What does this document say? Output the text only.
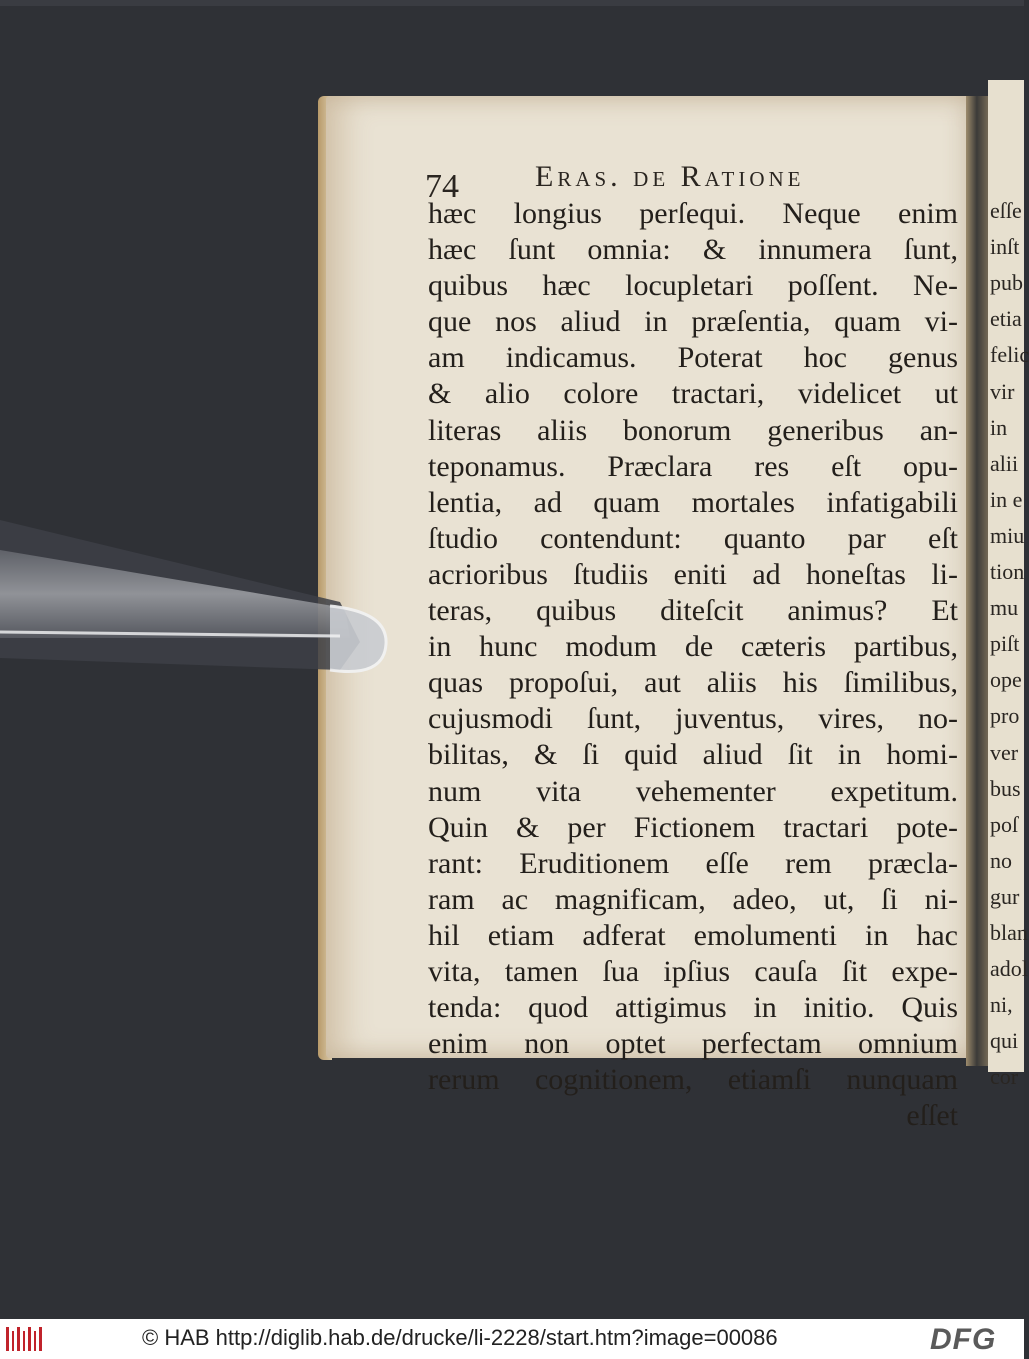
74	Eras. de Ratione
hæc longius perſequi. Neque enim
hæc ſunt omnia: & innumera ſunt,
quibus hæc locupletari poſſent. Ne-
que nos aliud in præſentia, quam vi-
am indicamus. Poterat hoc genus
& alio colore tractari, videlicet ut
literas aliis bonorum generibus an-
teponamus. Præclara res eſt opu-
lentia, ad quam mortales infatigabili
ſtudio contendunt: quanto par eſt
acrioribus ſtudiis eniti ad honeſtas li-
teras, quibus diteſcit animus? Et
in hunc modum de cæteris partibus,
quas propoſui, aut aliis his ſimilibus,
cujusmodi ſunt, juventus, vires, no-
bilitas, & ſi quid aliud ſit in homi-
num vita vehementer expetitum.
Quin & per Fictionem tractari pote-
rant: Eruditionem eſſe rem præcla-
ram ac magnificam, adeo, ut, ſi ni-
hil etiam adferat emolumenti in hac
vita, tamen ſua ipſius cauſa ſit expe-
tenda: quod attigimus in initio. Quis
enim non optet perfectam omnium
rerum cognitionem, etiamſi nunquam
eſſet
eſſe
inſt
pub
etia
felic
vir
in
alii
in e
miu
tion
mu
piſt
ope
pro
ver
bus
poſ
no
gur
blan
adol
ni,
qui
cor
© HAB http://diglib.hab.de/drucke/li-2228/start.htm?image=00086	DFG
